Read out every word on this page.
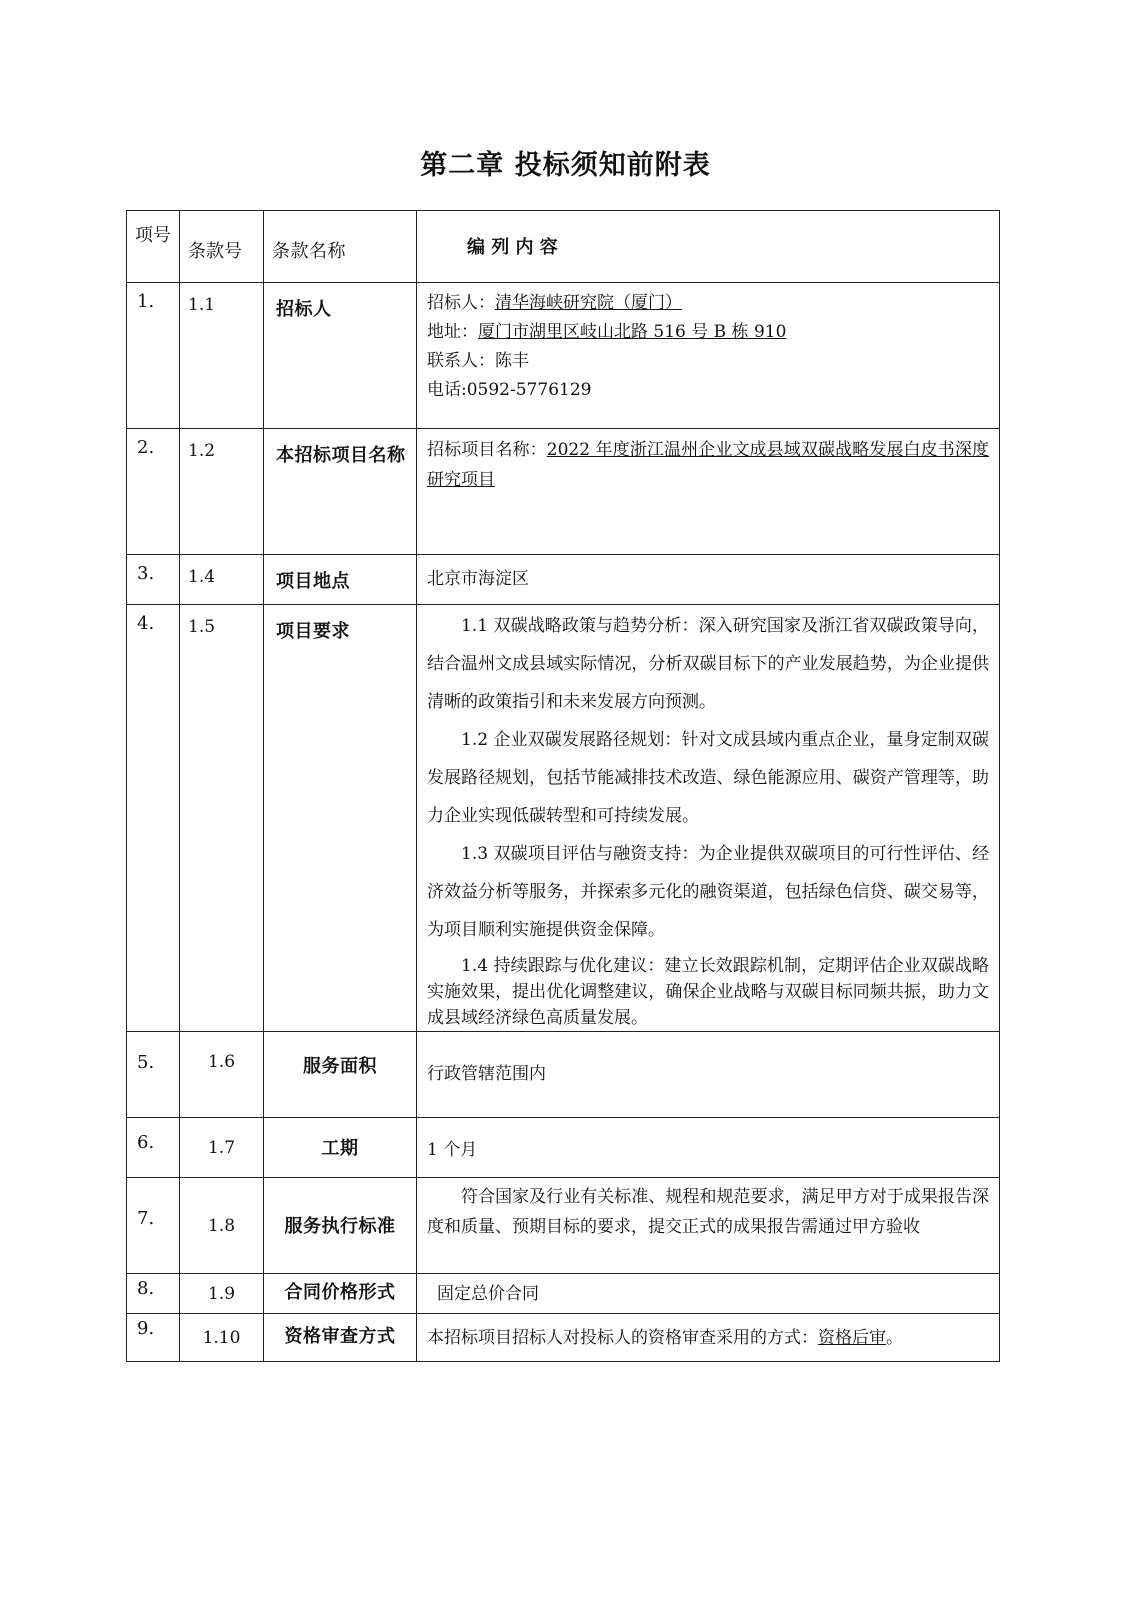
第二章 投标须知前附表
项号	条款号	条款名称	编 列 内 容
1.	1.1	招标人	招标人：清华海峡研究院（厦门）
地址：厦门市湖里区岐山北路 516 号 B 栋 910
联系人：陈丰
电话:0592-5776129

2.	1.2	本招标项目名称	招标项目名称：2022 年度浙江温州企业文成县域双碳战略发展白皮书深度研究项目
3.	1.4	项目地点	北京市海淀区
4.	1.5	项目要求	1.1 双碳战略政策与趋势分析：深入研究国家及浙江省双碳政策导向，结合温州文成县域实际情况，分析双碳目标下的产业发展趋势，为企业提供清晰的政策指引和未来发展方向预测。
1.2 企业双碳发展路径规划：针对文成县域内重点企业，量身定制双碳发展路径规划，包括节能减排技术改造、绿色能源应用、碳资产管理等，助力企业实现低碳转型和可持续发展。
1.3 双碳项目评估与融资支持：为企业提供双碳项目的可行性评估、经济效益分析等服务，并探索多元化的融资渠道，包括绿色信贷、碳交易等，为项目顺利实施提供资金保障。
1.4 持续跟踪与优化建议：建立长效跟踪机制，定期评估企业双碳战略实施效果，提出优化调整建议，确保企业战略与双碳目标同频共振，助力文成县域经济绿色高质量发展。

5.	1.6	服务面积	行政管辖范围内
6.	1.7	工期	1 个月
7.	1.8	服务执行标准	符合国家及行业有关标准、规程和规范要求，满足甲方对于成果报告深度和质量、预期目标的要求，提交正式的成果报告需通过甲方验收
8.	1.9	合同价格形式	固定总价合同
9.	1.10	资格审查方式	本招标项目招标人对投标人的资格审查采用的方式：资格后审。
